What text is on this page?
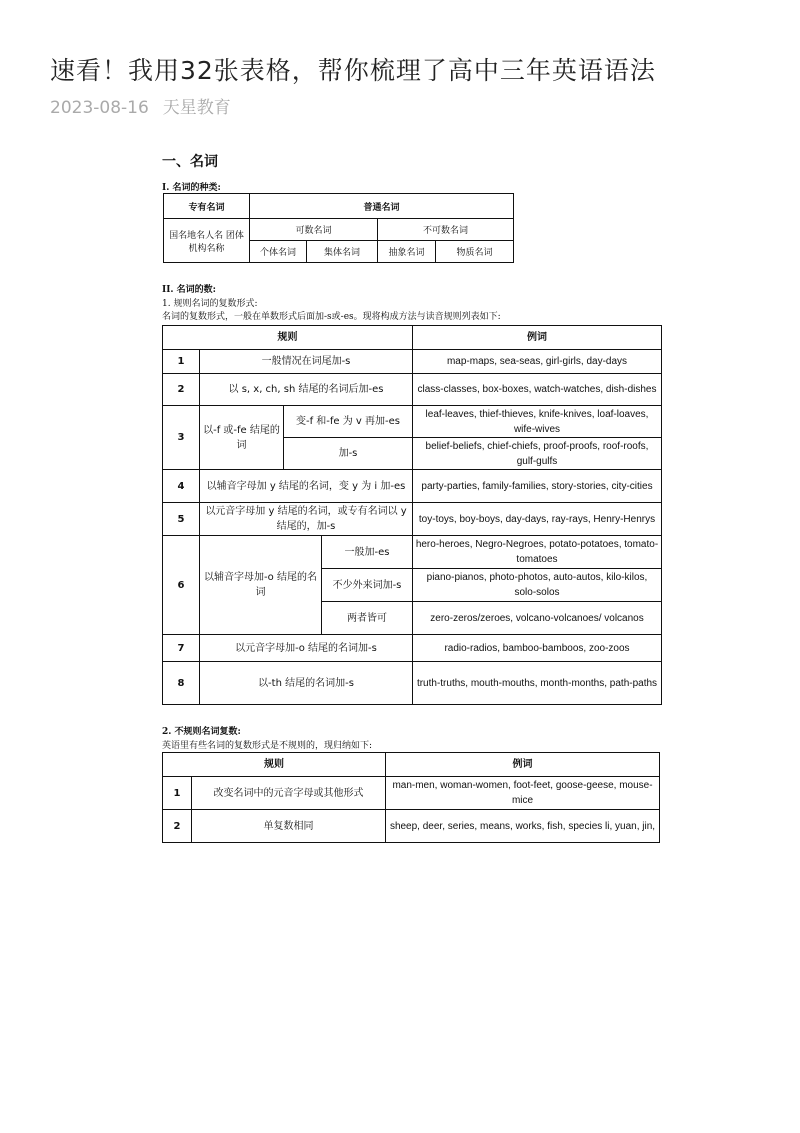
速看！我用32张表格，帮你梳理了高中三年英语语法
2023-08-16 天星教育
一、名词
I. 名词的种类:
专有名词	普通名词			
国名地名人名 团体机构名称	可数名词		不可数名词	
	个体名词	集体名词	抽象名词	物质名词
II. 名词的数:
1. 规则名词的复数形式:
名词的复数形式，一般在单数形式后面加-s或-es。现将构成方法与读音规则列表如下:
规则				例词
1	一般情况在词尾加-s			map-maps, sea-seas, girl-girls, day-days
2	以 s, x, ch, sh 结尾的名词后加-es			class-classes, box-boxes, watch-watches, dish-dishes
3	以-f 或-fe 结尾的词	变-f 和-fe 为 v 再加-es		leaf-leaves, thief-thieves, knife-knives, loaf-loaves, wife-wives
		加-s		belief-beliefs, chief-chiefs, proof-proofs, roof-roofs, gulf-gulfs
4	以辅音字母加 y 结尾的名词，变 y 为 i 加-es			party-parties, family-families, story-stories, city-cities
5	以元音字母加 y 结尾的名词，或专有名词以 y 结尾的，加-s			toy-toys, boy-boys, day-days, ray-rays, Henry-Henrys
6	以辅音字母加-o 结尾的名词		一般加-es	hero-heroes, Negro-Negroes, potato-potatoes, tomato-tomatoes
			不少外来词加-s	piano-pianos, photo-photos, auto-autos, kilo-kilos, solo-solos
			两者皆可	zero-zeros/zeroes, volcano-volcanoes/ volcanos
7	以元音字母加-o 结尾的名词加-s			radio-radios, bamboo-bamboos, zoo-zoos
8	以-th 结尾的名词加-s			truth-truths, mouth-mouths, month-months, path-paths
2. 不规则名词复数:
英语里有些名词的复数形式是不规则的，现归纳如下:
规则		例词
1	改变名词中的元音字母或其他形式	man-men, woman-women, foot-feet, goose-geese, mouse-mice
2	单复数相同	sheep, deer, series, means, works, fish, species li, yuan, jin,
